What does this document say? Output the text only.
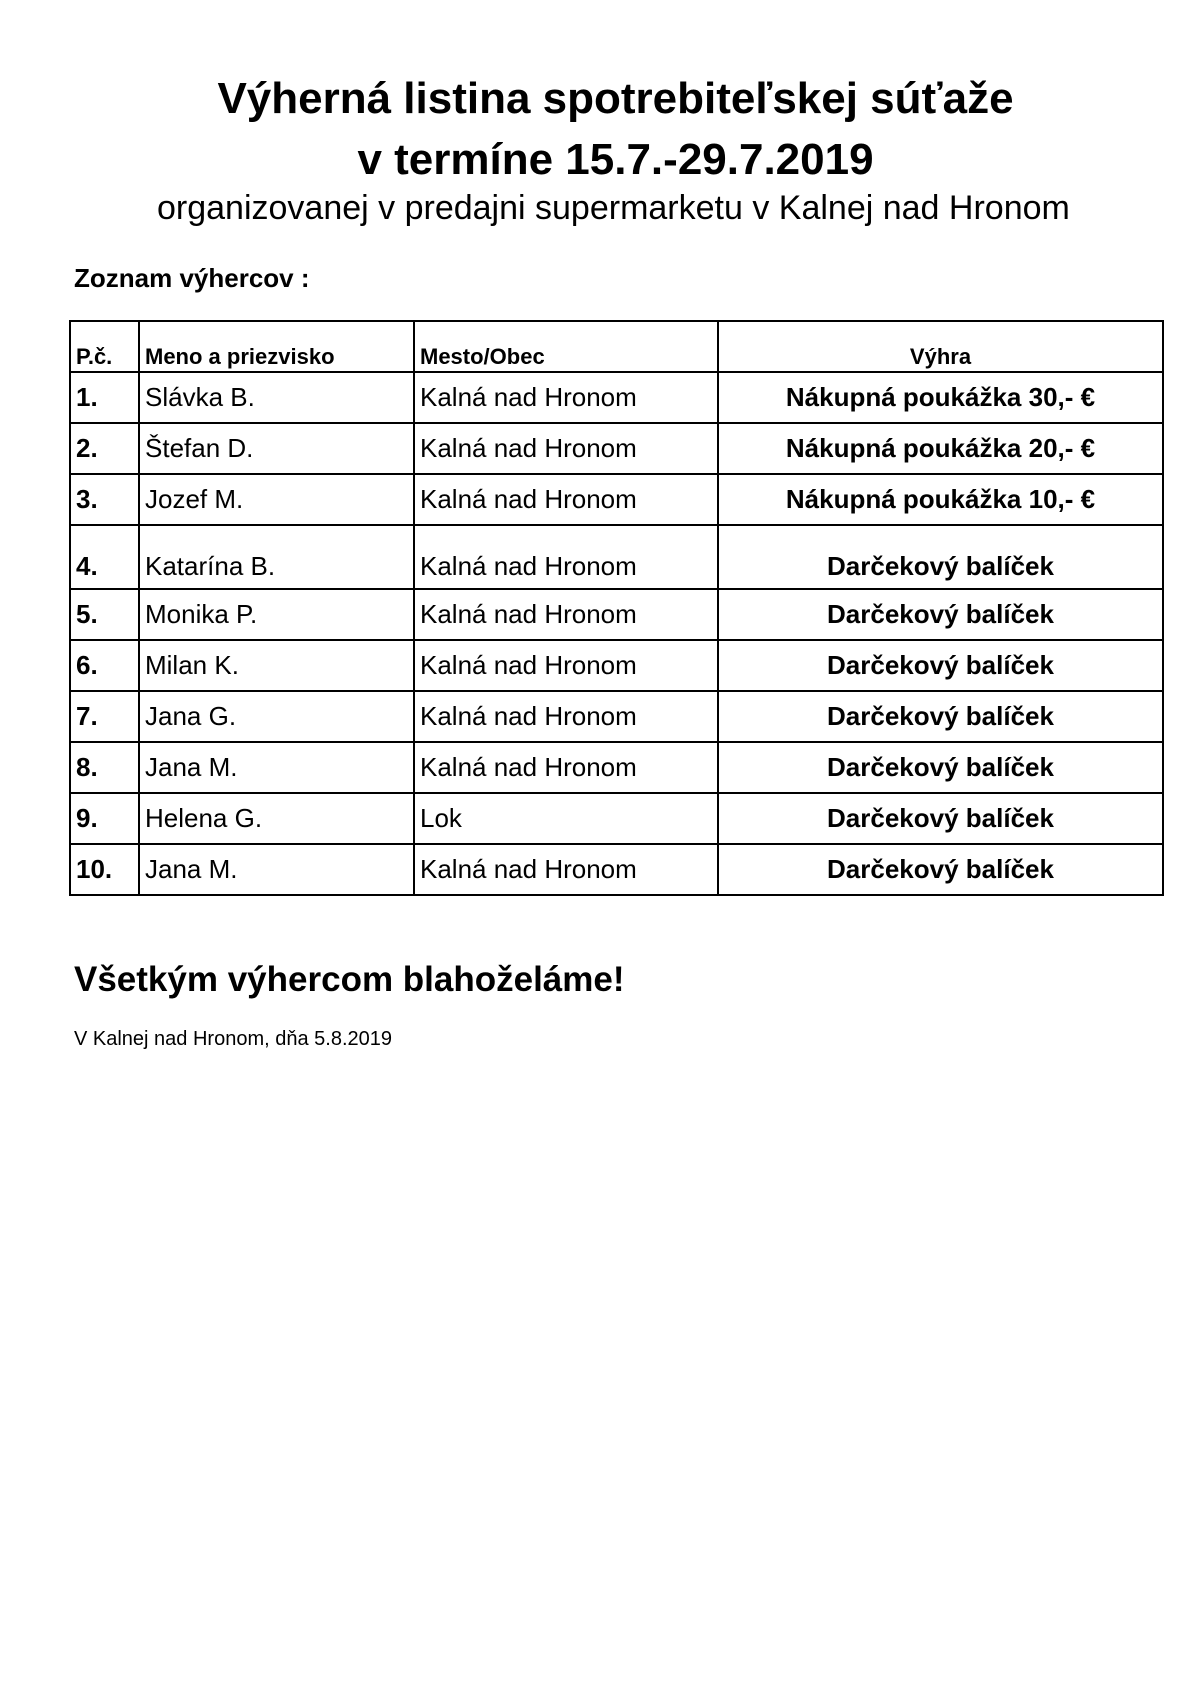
Výherná listina spotrebiteľskej súťaže
v termíne 15.7.-29.7.2019
organizovanej v predajni supermarketu v Kalnej nad Hronom
Zoznam výhercov :
P.č.	Meno a priezvisko	Mesto/Obec	Výhra
1.	Slávka B.	Kalná nad Hronom	Nákupná poukážka 30,- €
2.	Štefan D.	Kalná nad Hronom	Nákupná poukážka 20,- €
3.	Jozef M.	Kalná nad Hronom	Nákupná poukážka 10,- €
4.	Katarína B.	Kalná nad Hronom	Darčekový balíček
5.	Monika P.	Kalná nad Hronom	Darčekový balíček
6.	Milan K.	Kalná nad Hronom	Darčekový balíček
7.	Jana G.	Kalná nad Hronom	Darčekový balíček
8.	Jana M.	Kalná nad Hronom	Darčekový balíček
9.	Helena G.	Lok	Darčekový balíček
10.	Jana M.	Kalná nad Hronom	Darčekový balíček
Všetkým výhercom blahoželáme!
V Kalnej nad Hronom, dňa 5.8.2019
